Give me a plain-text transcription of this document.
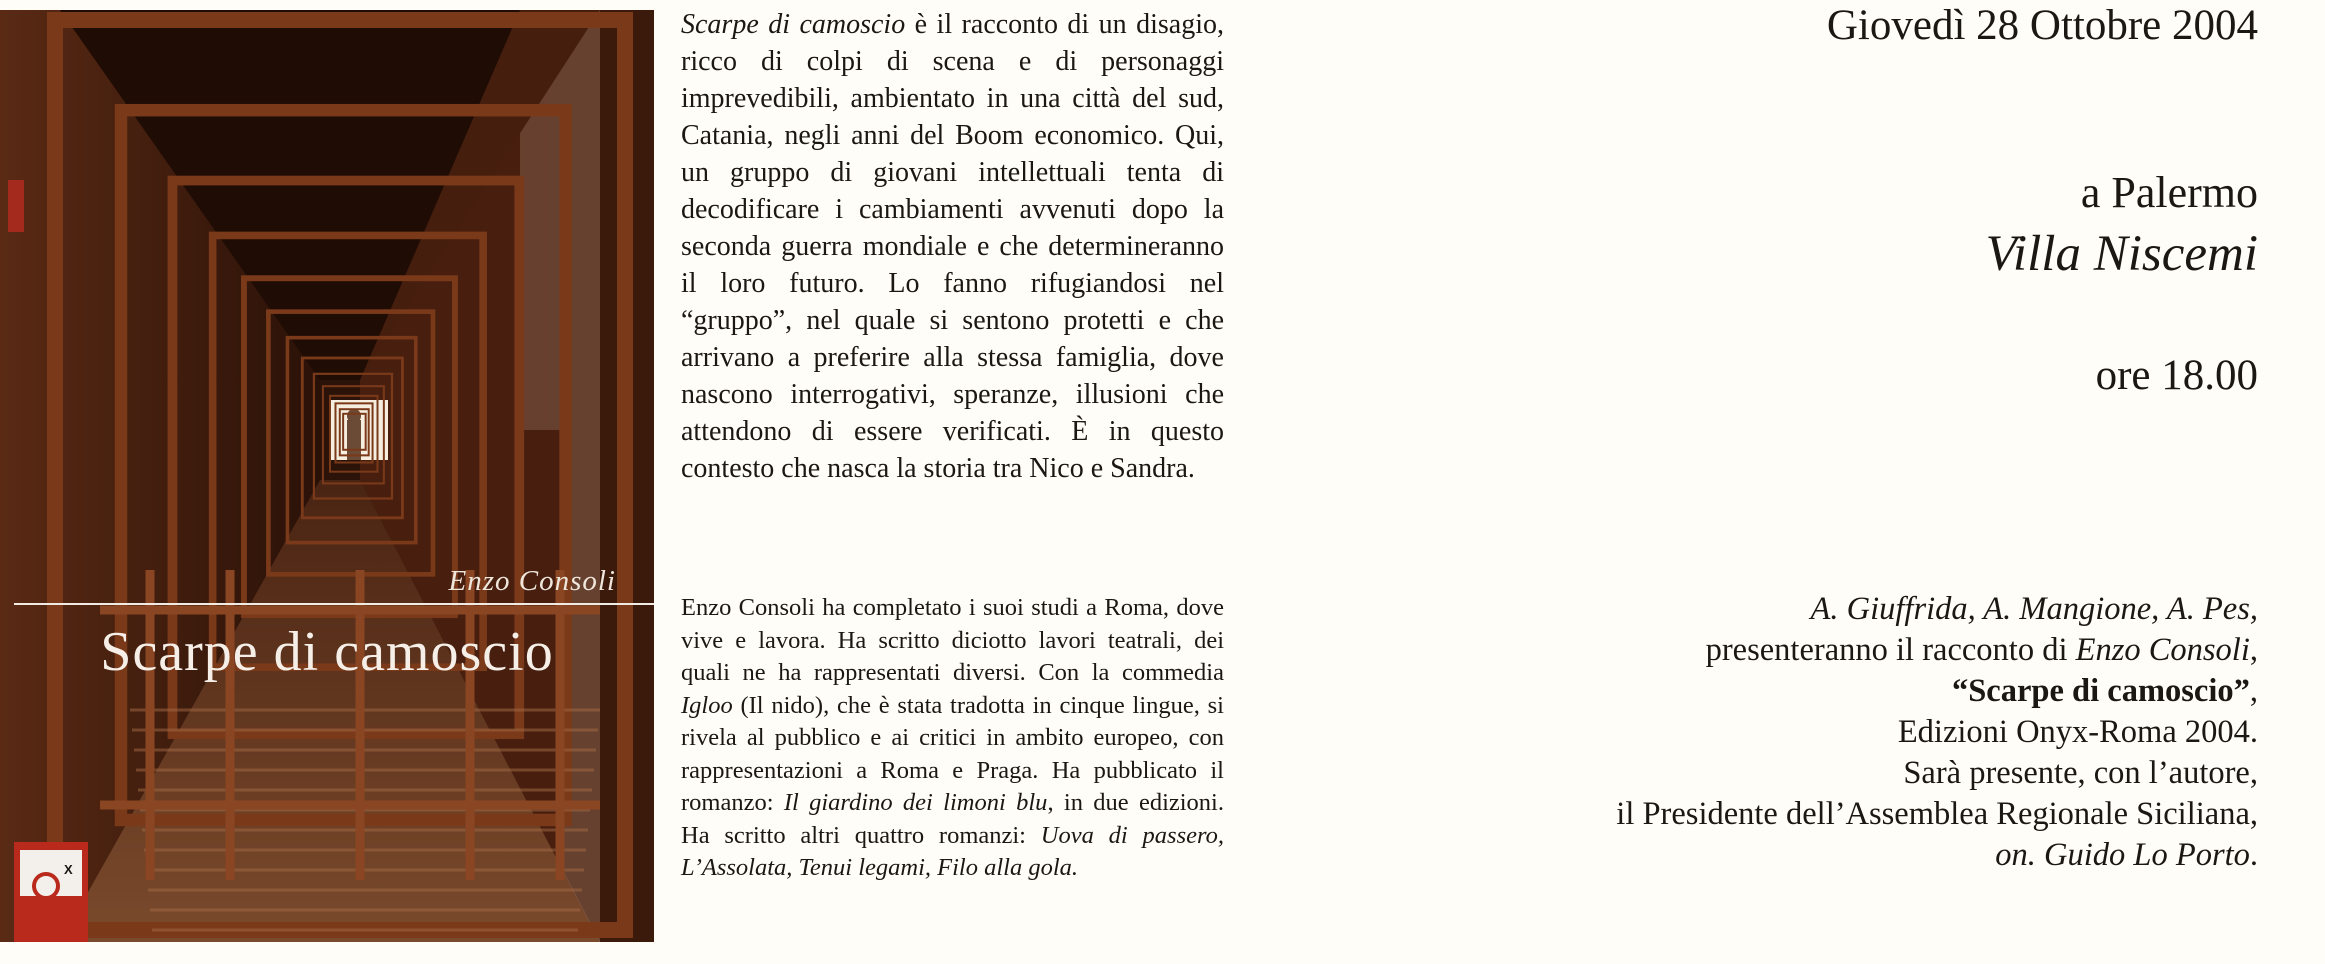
Enzo Consoli
Scarpe di camoscio
X

Scarpe di camoscio è il racconto di un disagio, ricco di colpi di scena e di personaggi imprevedibili, ambientato in una città del sud, Catania, negli anni del Boom economico. Qui, un gruppo di giovani intellettuali tenta di decodificare i cambiamenti avvenuti dopo la seconda guerra mondiale e che determineranno il loro futuro. Lo fanno rifugiandosi nel “gruppo”, nel quale si sentono protetti e che arrivano a preferire alla stessa famiglia, dove nascono interrogativi, speranze, illusioni che attendono di essere verificati. È in questo contesto che nasca la storia tra Nico e Sandra.

Enzo Consoli ha completato i suoi studi a Roma, dove vive e lavora. Ha scritto diciotto lavori teatrali, dei quali ne ha rappresentati diversi. Con la commedia Igloo (Il nido), che è stata tradotta in cinque lingue, si rivela al pubblico e ai critici in ambito europeo, con rappresentazioni a Roma e Praga. Ha pubblicato il romanzo: Il giardino dei limoni blu, in due edizioni. Ha scritto altri quattro romanzi: Uova di passero, L’Assolata, Tenui legami, Filo alla gola.

Giovedì 28 Ottobre 2004
a Palermo
Villa Niscemi
ore 18.00
A. Giuffrida, A. Mangione, A. Pes,
presenteranno il racconto di Enzo Consoli,
“Scarpe di camoscio”,
Edizioni Onyx-Roma 2004.
Sarà presente, con l’autore,
il Presidente dell’Assemblea Regionale Siciliana,
on. Guido Lo Porto.
